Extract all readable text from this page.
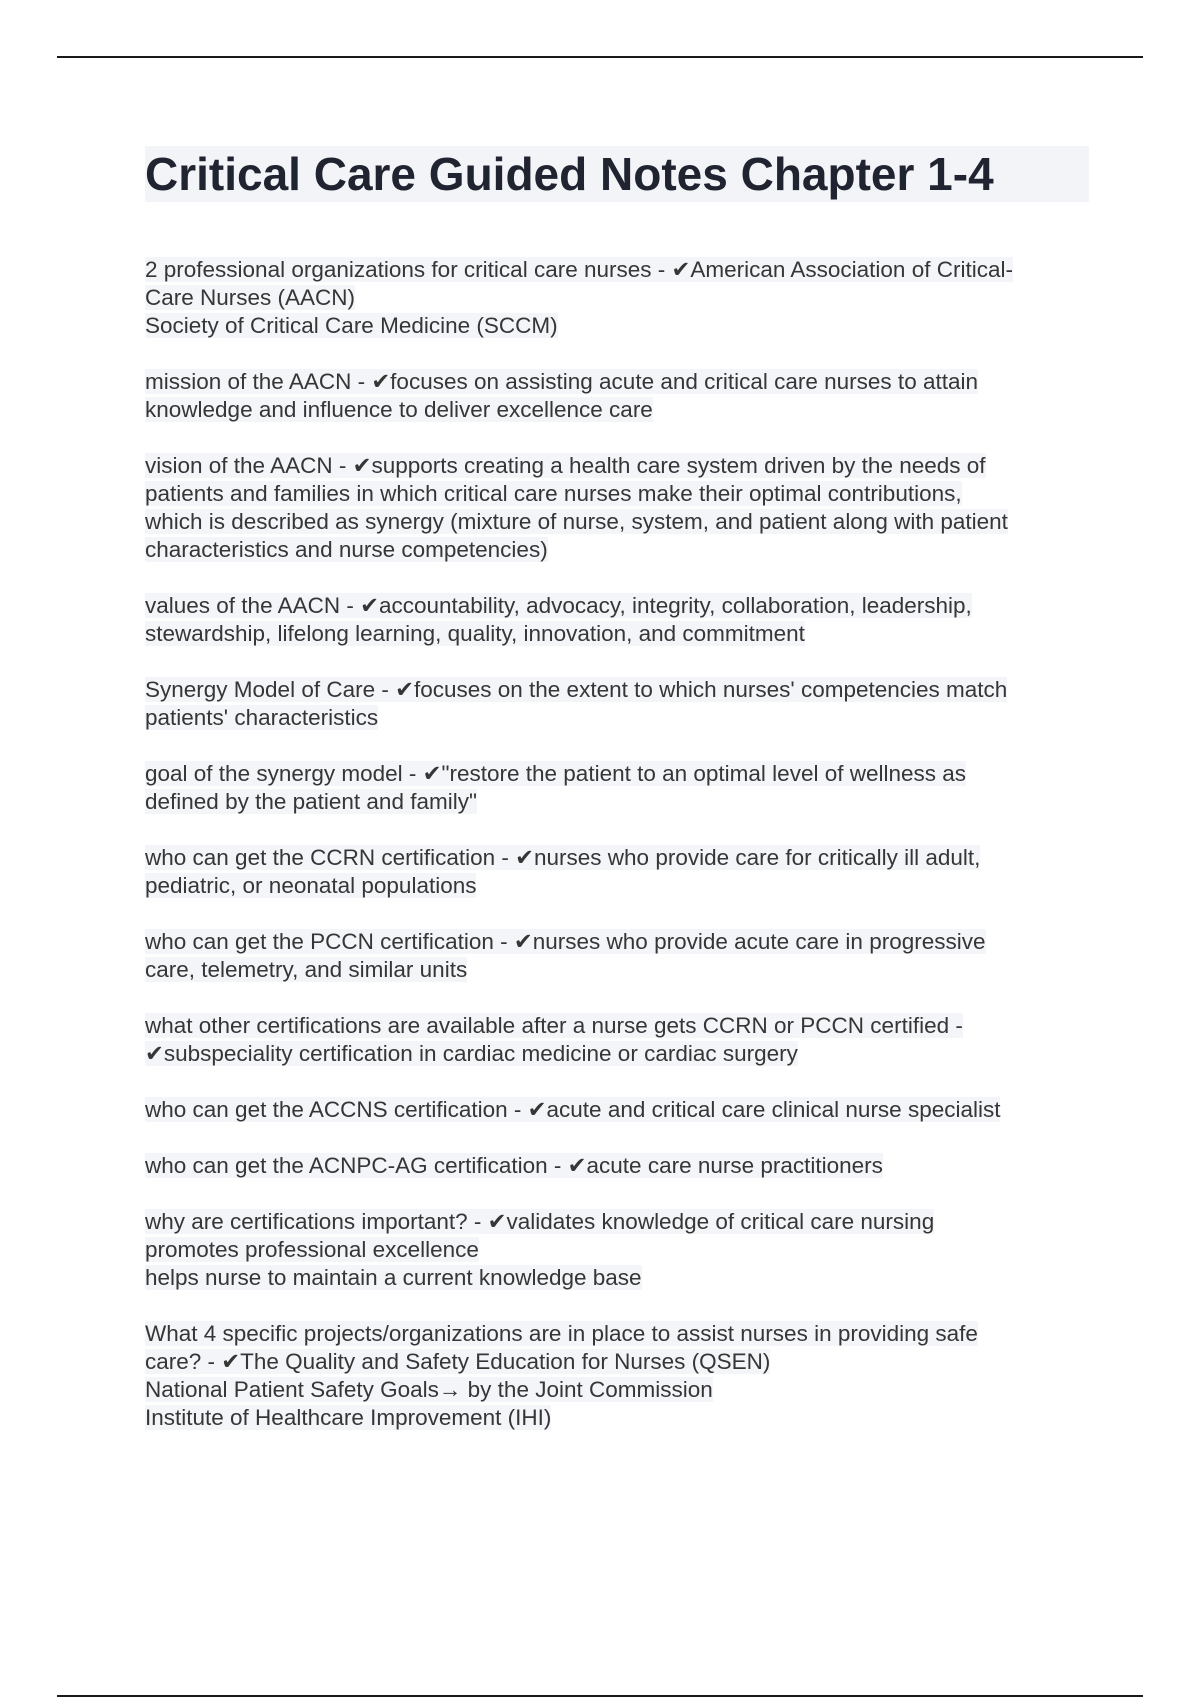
Critical Care Guided Notes Chapter 1-4
2 professional organizations for critical care nurses - ✔American Association of Critical-
Care Nurses (AACN)
Society of Critical Care Medicine (SCCM)
mission of the AACN - ✔focuses on assisting acute and critical care nurses to attain
knowledge and influence to deliver excellence care
vision of the AACN - ✔supports creating a health care system driven by the needs of
patients and families in which critical care nurses make their optimal contributions,
which is described as synergy (mixture of nurse, system, and patient along with patient
characteristics and nurse competencies)
values of the AACN - ✔accountability, advocacy, integrity, collaboration, leadership,
stewardship, lifelong learning, quality, innovation, and commitment
Synergy Model of Care - ✔focuses on the extent to which nurses' competencies match
patients' characteristics
goal of the synergy model - ✔"restore the patient to an optimal level of wellness as
defined by the patient and family"
who can get the CCRN certification - ✔nurses who provide care for critically ill adult,
pediatric, or neonatal populations
who can get the PCCN certification - ✔nurses who provide acute care in progressive
care, telemetry, and similar units
what other certifications are available after a nurse gets CCRN or PCCN certified -
✔subspeciality certification in cardiac medicine or cardiac surgery
who can get the ACCNS certification - ✔acute and critical care clinical nurse specialist
who can get the ACNPC-AG certification - ✔acute care nurse practitioners
why are certifications important? - ✔validates knowledge of critical care nursing
promotes professional excellence
helps nurse to maintain a current knowledge base
What 4 specific projects/organizations are in place to assist nurses in providing safe
care? - ✔The Quality and Safety Education for Nurses (QSEN)
National Patient Safety Goals→ by the Joint Commission
Institute of Healthcare Improvement (IHI)
